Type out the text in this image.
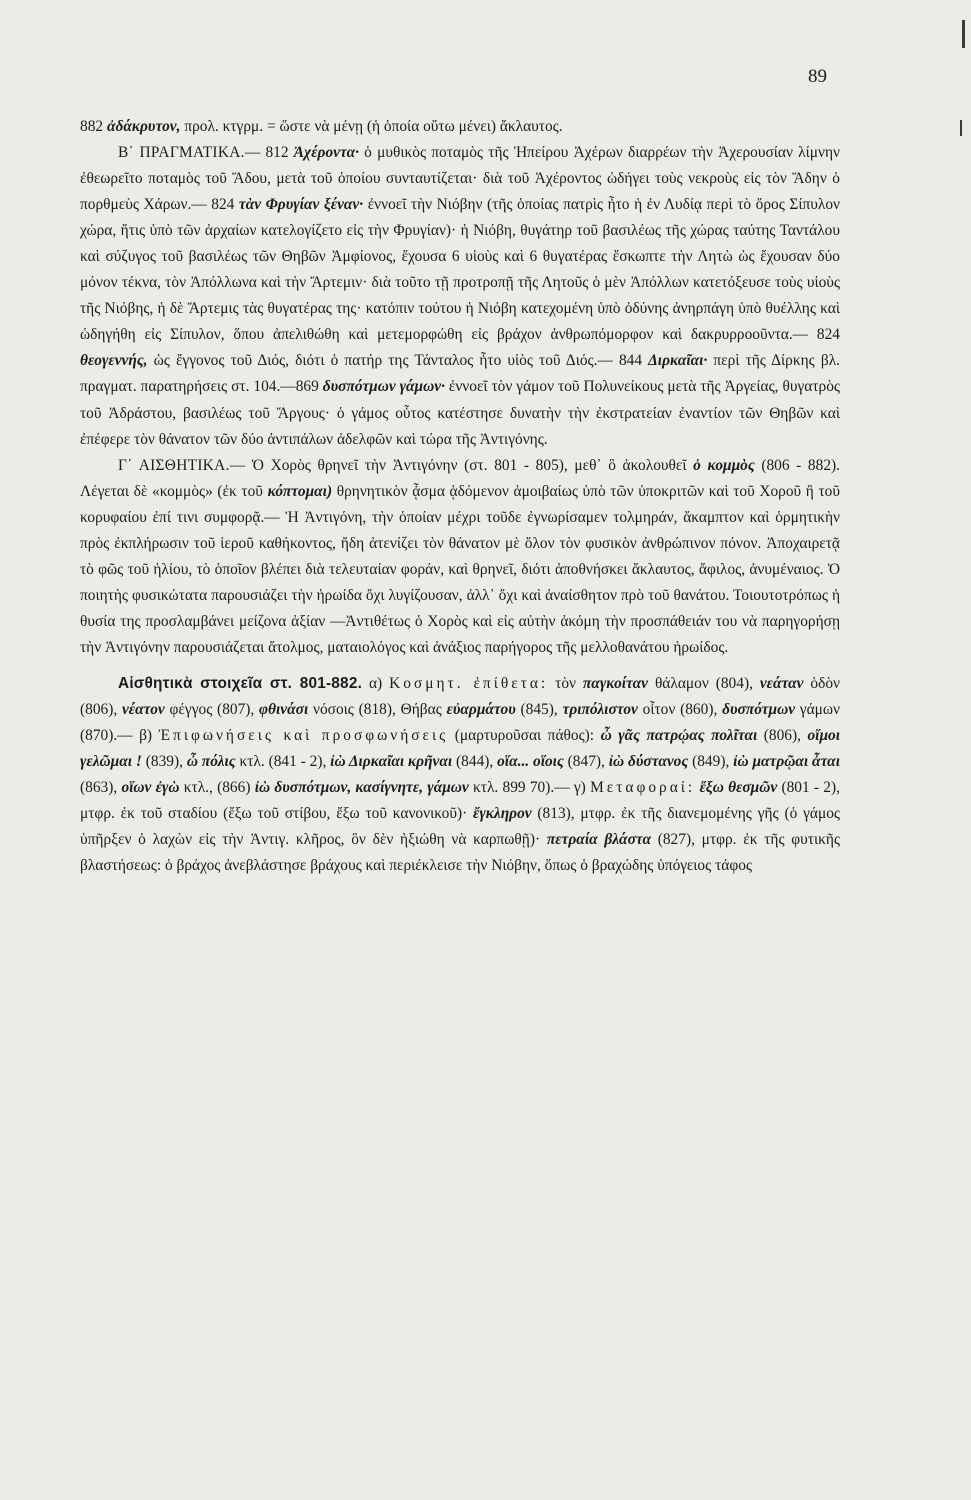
89

882 ἀδάκρυτον, προλ. κτγρμ. = ὥστε νὰ μένῃ (ἡ ὁποία οὕτω μένει) ἄκλαυτος.

Β΄ ΠΡΑΓΜΑΤΙΚΑ.— 812 Ἀχέροντα· ὁ μυθικὸς ποταμὸς τῆς Ἠπείρου Ἀχέρων διαρρέων τὴν Ἀχερουσίαν λίμνην ἐθεωρεῖτο ποταμὸς τοῦ Ἅδου, μετὰ τοῦ ὁποίου συνταυτίζεται· διὰ τοῦ Ἀχέροντος ὡδήγει τοὺς νεκροὺς εἰς τὸν Ἅδην ὁ πορθμεὺς Χάρων.— 824 τὰν Φρυγίαν ξέναν· ἐννοεῖ τὴν Νιόβην (τῆς ὁποίας πατρὶς ἦτο ἡ ἐν Λυδίᾳ περὶ τὸ ὄρος Σίπυλον χώρα, ἥτις ὑπὸ τῶν ἀρχαίων κατελογίζετο εἰς τὴν Φρυγίαν)· ἡ Νιόβη, θυγάτηρ τοῦ βασιλέως τῆς χώρας ταύτης Ταντάλου καὶ σύζυγος τοῦ βασιλέως τῶν Θηβῶν Ἀμφίονος, ἔχουσα 6 υἱοὺς καὶ 6 θυγατέρας ἔσκωπτε τὴν Λητὼ ὡς ἔχουσαν δύο μόνον τέκνα, τὸν Ἀπόλλωνα καὶ τὴν Ἄρτεμιν· διὰ τοῦτο τῇ προτροπῇ τῆς Λητοῦς ὁ μὲν Ἀπόλλων κατετόξευσε τοὺς υἱοὺς τῆς Νιόβης, ἡ δὲ Ἄρτεμις τὰς θυγατέρας της· κατόπιν τούτου ἡ Νιόβη κατεχομένη ὑπὸ ὀδύνης ἀνηρπάγη ὑπὸ θυέλλης καὶ ὡδηγήθη εἰς Σίπυλον, ὅπου ἀπελιθώθη καὶ μετεμορφώθη εἰς βράχον ἀνθρωπόμορφον καὶ δακρυρροοῦντα.— 824 θεογεννής, ὡς ἔγγονος τοῦ Διός, διότι ὁ πατήρ της Τάνταλος ἦτο υἱὸς τοῦ Διός.— 844 Διρκαῖαι· περὶ τῆς Δίρκης βλ. πραγματ. παρατηρήσεις στ. 104.—869 δυσπότμων γάμων· ἐννοεῖ τὸν γάμον τοῦ Πολυνείκους μετὰ τῆς Ἀργείας, θυγατρὸς τοῦ Ἀδράστου, βασιλέως τοῦ Ἄργους· ὁ γάμος οὗτος κατέστησε δυνατὴν τὴν ἐκστρατείαν ἐναντίον τῶν Θηβῶν καὶ ἐπέφερε τὸν θάνατον τῶν δύο ἀντιπάλων ἀδελφῶν καὶ τώρα τῆς Ἀντιγόνης.

Γ΄ ΑΙΣΘΗΤΙΚΑ.— Ὁ Χορὸς θρηνεῖ τὴν Ἀντιγόνην (στ. 801 - 805), μεθ᾽ ὃ ἀκολουθεῖ ὁ κομμὸς (806 - 882). Λέγεται δὲ «κομμὸς» (ἐκ τοῦ κόπτομαι) θρηνητικὸν ᾆσμα ᾀδόμενον ἀμοιβαίως ὑπὸ τῶν ὑποκριτῶν καὶ τοῦ Χοροῦ ἢ τοῦ κορυφαίου ἐπί τινι συμφορᾷ.— Ἡ Ἀντιγόνη, τὴν ὁποίαν μέχρι τοῦδε ἐγνωρίσαμεν τολμηράν, ἄκαμπτον καὶ ὁρμητικὴν πρὸς ἐκπλήρωσιν τοῦ ἱεροῦ καθήκοντος, ἤδη ἀτενίζει τὸν θάνατον μὲ ὅλον τὸν φυσικὸν ἀνθρώπινον πόνον. Ἀποχαιρετᾷ τὸ φῶς τοῦ ἡλίου, τὸ ὁποῖον βλέπει διὰ τελευταίαν φοράν, καὶ θρηνεῖ, διότι ἀποθνήσκει ἄκλαυτος, ἄφιλος, ἀνυμέναιος. Ὁ ποιητὴς φυσικώτατα παρουσιάζει τὴν ἡρωίδα ὄχι λυγίζουσαν, ἀλλ᾽ ὄχι καὶ ἀναίσθητον πρὸ τοῦ θανάτου. Τοιουτοτρόπως ἡ θυσία της προσλαμβάνει μείζονα ἀξίαν —Ἀντιθέτως ὁ Χορὸς καὶ εἰς αὐτὴν ἀκόμη τὴν προσπάθειάν του νὰ παρηγορήσῃ τὴν Ἀντιγόνην παρουσιάζεται ἄτολμος, ματαιολόγος καὶ ἀνάξιος παρήγορος τῆς μελλοθανάτου ἡρωίδος.

Αἰσθητικὰ στοιχεῖα στ. 801-882. α) Κοσμητ. ἐπίθετα: τὸν παγκοίταν θάλαμον (804), νεάταν ὁδὸν (806), νέατον φέγγος (807), φθινάσι νόσοις (818), Θήβας εὐαρμάτου (845), τριπόλιστον οἶτον (860), δυσπότμων γάμων (870).— β) Ἐπιφωνήσεις καὶ προσφωνήσεις (μαρτυροῦσαι πάθος): ὦ γᾶς πατρῴας πολῖται (806), οἴμοι γελῶμαι ! (839), ὦ πόλις κτλ. (841 - 2), ἰὼ Διρκαῖαι κρῆναι (844), οἵα... οἵοις (847), ἰὼ δύστανος (849), ἰὼ ματρῷαι ἆται (863), οἵων ἐγὼ κτλ., (866) ἰὼ δυσπότμων, κασίγνητε, γάμων κτλ. 899 70).— γ) Μεταφοραί: ἔξω θεσμῶν (801 - 2), μτφρ. ἐκ τοῦ σταδίου (ἔξω τοῦ στίβου, ἔξω τοῦ κανονικοῦ)· ἔγκληρον (813), μτφρ. ἐκ τῆς διανεμομένης γῆς (ὁ γάμος ὑπῆρξεν ὁ λαχὼν εἰς τὴν Ἀντιγ. κλῆρος, ὃν δὲν ἠξιώθη νὰ καρπωθῇ)· πετραία βλάστα (827), μτφρ. ἐκ τῆς φυτικῆς βλαστήσεως: ὁ βράχος ἀνεβλάστησε βράχους καὶ περιέκλεισε τὴν Νιόβην, ὅπως ὁ βραχώδης ὑπόγειος τάφος
